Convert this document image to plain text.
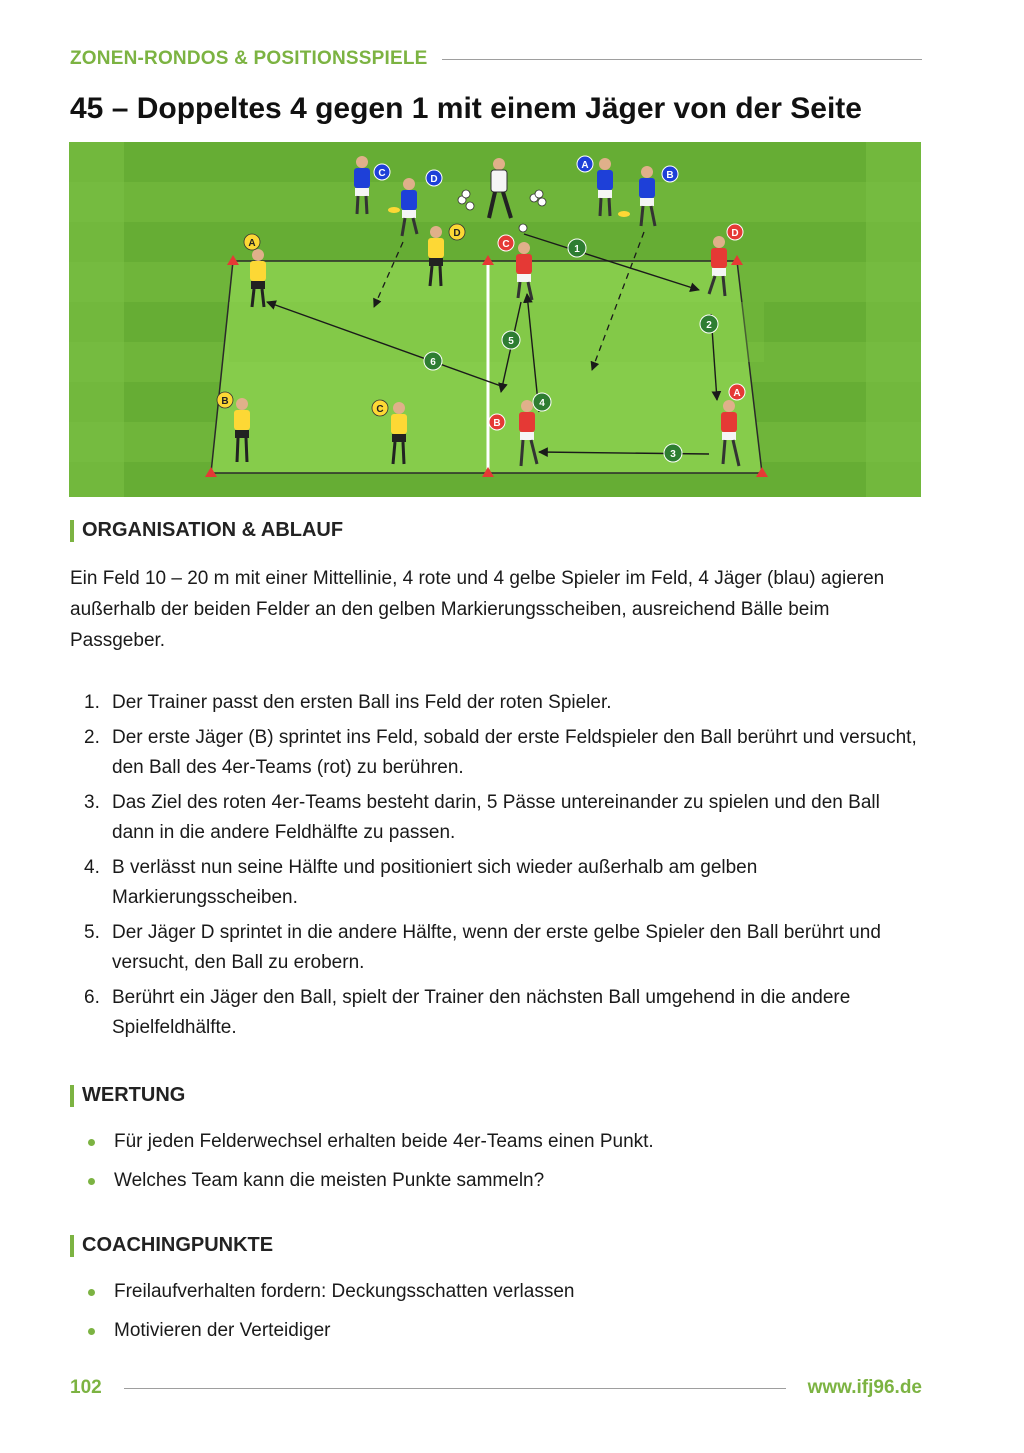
ZONEN-RONDOS & POSITIONSSPIELE
45 – Doppeltes 4 gegen 1 mit einem Jäger von der Seite
1
2
3
4
5
6
C
D
A
B
D
A
B
C
C
D
B
A
ORGANISATION & ABLAUF

Ein Feld 10 – 20 m mit einer Mittellinie, 4 rote und 4 gelbe Spieler im Feld, 4 Jäger (blau) agieren außerhalb der beiden Felder an den gelben Markierungsscheiben, ausreichend Bälle beim Passgeber.

1. Der Trainer passt den ersten Ball ins Feld der roten Spieler.
2. Der erste Jäger (B) sprintet ins Feld, sobald der erste Feldspieler den Ball berührt und versucht, den Ball des 4er-Teams (rot) zu berühren.
3. Das Ziel des roten 4er-Teams besteht darin, 5 Pässe untereinander zu spielen und den Ball dann in die andere Feldhälfte zu passen.
4. B verlässt nun seine Hälfte und positioniert sich wieder außerhalb am gelben Markierungsscheiben.
5. Der Jäger D sprintet in die andere Hälfte, wenn der erste gelbe Spieler den Ball berührt und versucht, den Ball zu erobern.
6. Berührt ein Jäger den Ball, spielt der Trainer den nächsten Ball umgehend in die andere Spielfeldhälfte.
WERTUNG
Für jeden Felderwechsel erhalten beide 4er-Teams einen Punkt.
Welches Team kann die meisten Punkte sammeln?
COACHINGPUNKTE
Freilaufverhalten fordern: Deckungsschatten verlassen
Motivieren der Verteidiger
102	www.ifj96.de
